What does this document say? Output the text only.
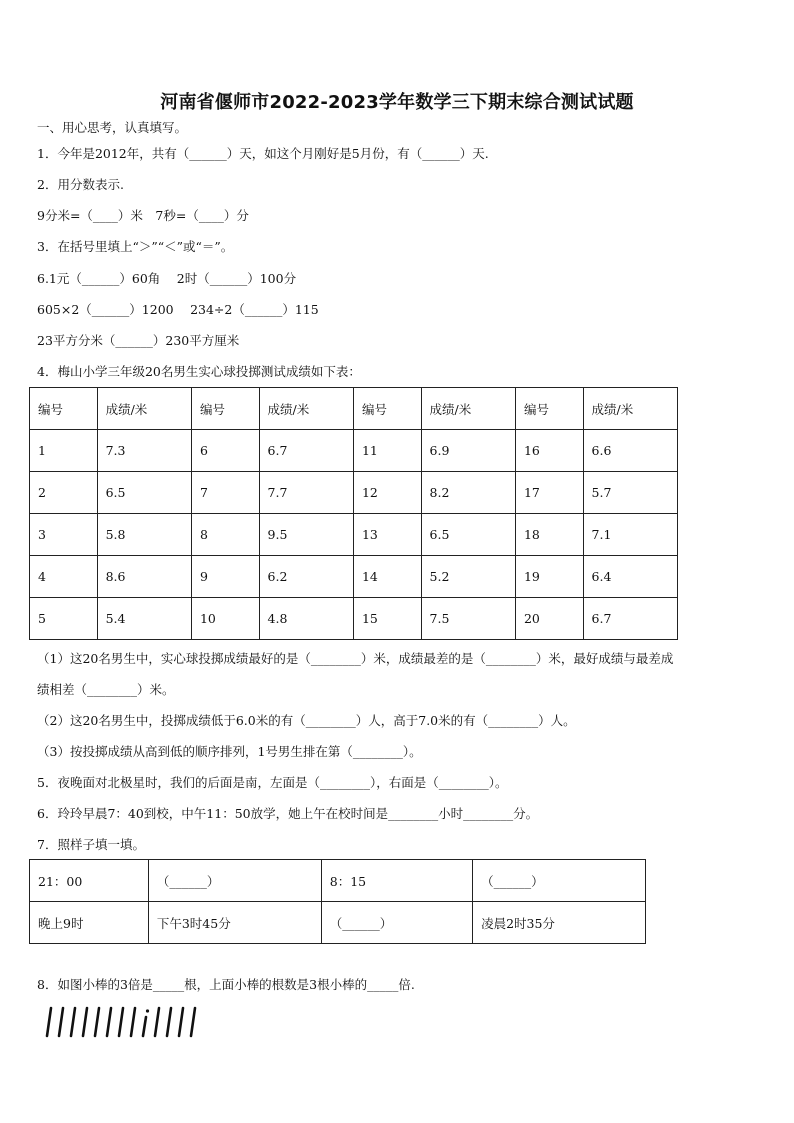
河南省偃师市2022-2023学年数学三下期末综合测试试题
一、用心思考，认真填写。
1．今年是2012年，共有（______）天，如这个月刚好是5月份，有（______）天.
2．用分数表示.
9分米=（____）米　7秒=（____）分
3．在括号里填上“＞”“＜”或“＝”。
6.1元（______）60角　 2时（______）100分
605×2（______）1200　 234÷2（______）115
23平方分米（______）230平方厘米
4．梅山小学三年级20名男生实心球投掷测试成绩如下表：
编号	成绩/米	编号	成绩/米	编号	成绩/米	编号	成绩/米
1	7.3	6	6.7	11	6.9	16	6.6
2	6.5	7	7.7	12	8.2	17	5.7
3	5.8	8	9.5	13	6.5	18	7.1
4	8.6	9	6.2	14	5.2	19	6.4
5	5.4	10	4.8	15	7.5	20	6.7
（1）这20名男生中，实心球投掷成绩最好的是（________）米，成绩最差的是（________）米，最好成绩与最差成
绩相差（________）米。
（2）这20名男生中，投掷成绩低于6.0米的有（________）人，高于7.0米的有（________）人。
（3）按投掷成绩从高到低的顺序排列，1号男生排在第（________）。
5．夜晚面对北极星时，我们的后面是南，左面是（________），右面是（________）。
6．玲玲早晨7：40到校，中午11：50放学，她上午在校时间是________小时________分。
7．照样子填一填。
21：00	（______）	8：15	（______）
晚上9时	下午3时45分	（______）	凌晨2时35分
8．如图小棒的3倍是_____根，上面小棒的根数是3根小棒的_____倍.
